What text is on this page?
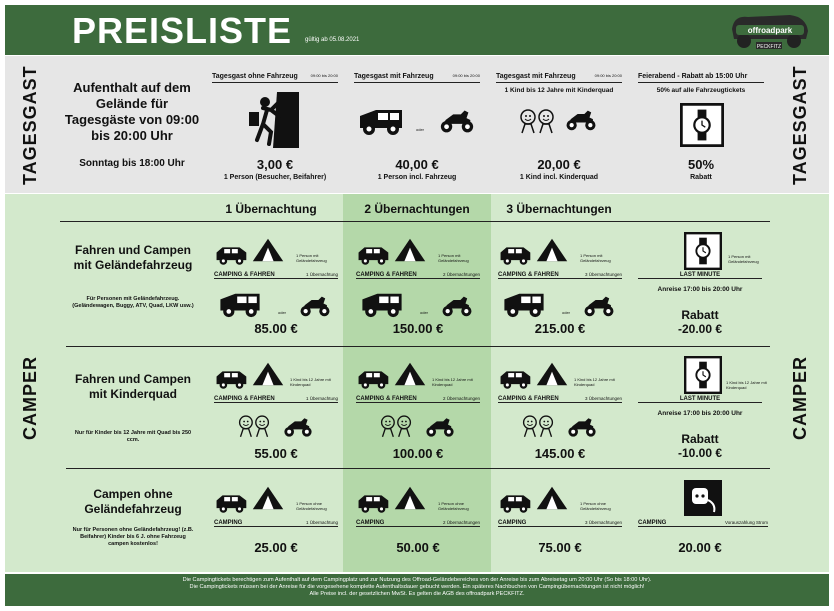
PREISLISTE gültig ab 05.08.2021
offroadpark
PECKFITZ
TAGESGAST	TAGESGAST
Aufenthalt auf dem Gelände für Tagesgäste von 09:00 bis 20:00 Uhr
Sonntag bis 18:00 Uhr
Tagesgast ohne Fahrzeug	09:00 bis 20:00
3,00 €
1 Person (Besucher, Beifahrer)
Tagesgast mit Fahrzeug	09:00 bis 20:00
oder
40,00 €
1 Person incl. Fahrzeug
Tagesgast mit Fahrzeug	09:00 bis 20:00
1 Kind bis 12 Jahre mit Kinderquad
20,00 €
1 Kind incl. Kinderquad
Feierabend - Rabatt ab 15:00 Uhr
50% auf alle Fahrzeugtickets
50%
Rabatt
CAMPER	CAMPER
1 Übernachtung	2 Übernachtungen	3 Übernachtungen
Fahren und Campen mit Geländefahrzeug
Für Personen mit Geländefahrzeug. (Geländewagen, Buggy, ATV, Quad, LKW usw.)
1 Person mit Geländefahrzeug
CAMPING & FAHREN	1 Übernachtung
oder
85.00 €
1 Person mit Geländefahrzeug
CAMPING & FAHREN	2 Übernachtungen
oder
150.00 €
1 Person mit Geländefahrzeug
CAMPING & FAHREN	3 Übernachtungen
oder
215.00 €
1 Person mit Geländefahrzeug
LAST MINUTE
Anreise 17:00 bis 20:00 Uhr
Rabatt
-20.00 €
Fahren und Campen mit Kinderquad
Nur für Kinder bis 12 Jahre mit Quad bis 250 ccm.
1 Kind bis 12 Jahre mit Kinderquad
CAMPING & FAHREN	1 Übernachtung
55.00 €
1 Kind bis 12 Jahre mit Kinderquad
CAMPING & FAHREN	2 Übernachtungen
100.00 €
1 Kind bis 12 Jahre mit Kinderquad
CAMPING & FAHREN	3 Übernachtungen
145.00 €
1 Kind bis 12 Jahre mit Kinderquad
LAST MINUTE
Anreise 17:00 bis 20:00 Uhr
Rabatt
-10.00 €
Campen ohne Geländefahrzeug
Nur für Personen ohne Geländefahrzeug! (z.B. Beifahrer) Kinder bis 6 J. ohne Fahrzeug campen kostenlos!
1 Person ohne Geländefahrzeug
CAMPING	1 Übernachtung
25.00 €
1 Person ohne Geländefahrzeug
CAMPING	2 Übernachtungen
50.00 €
1 Person ohne Geländefahrzeug
CAMPING	3 Übernachtungen
75.00 €
CAMPING	Vorauszahlung Strom
20.00 €
Die Campingtickets berechtigen zum Aufenthalt auf dem Campingplatz und zur Nutzung des Offroad-Geländebereiches von der Anreise bis zum Abreisetag um 20:00 Uhr (So bis 18:00 Uhr).
Die Campingtickets müssen bei der Anreise für die vorgesehene komplette Aufenthaltsdauer gebucht werden. Ein späteres Nachbuchen von Campingübernachtungen ist nicht möglich!
Alle Preise incl. der gesetzlichen MwSt. Es gelten die AGB des offroadpark PECKFITZ.
